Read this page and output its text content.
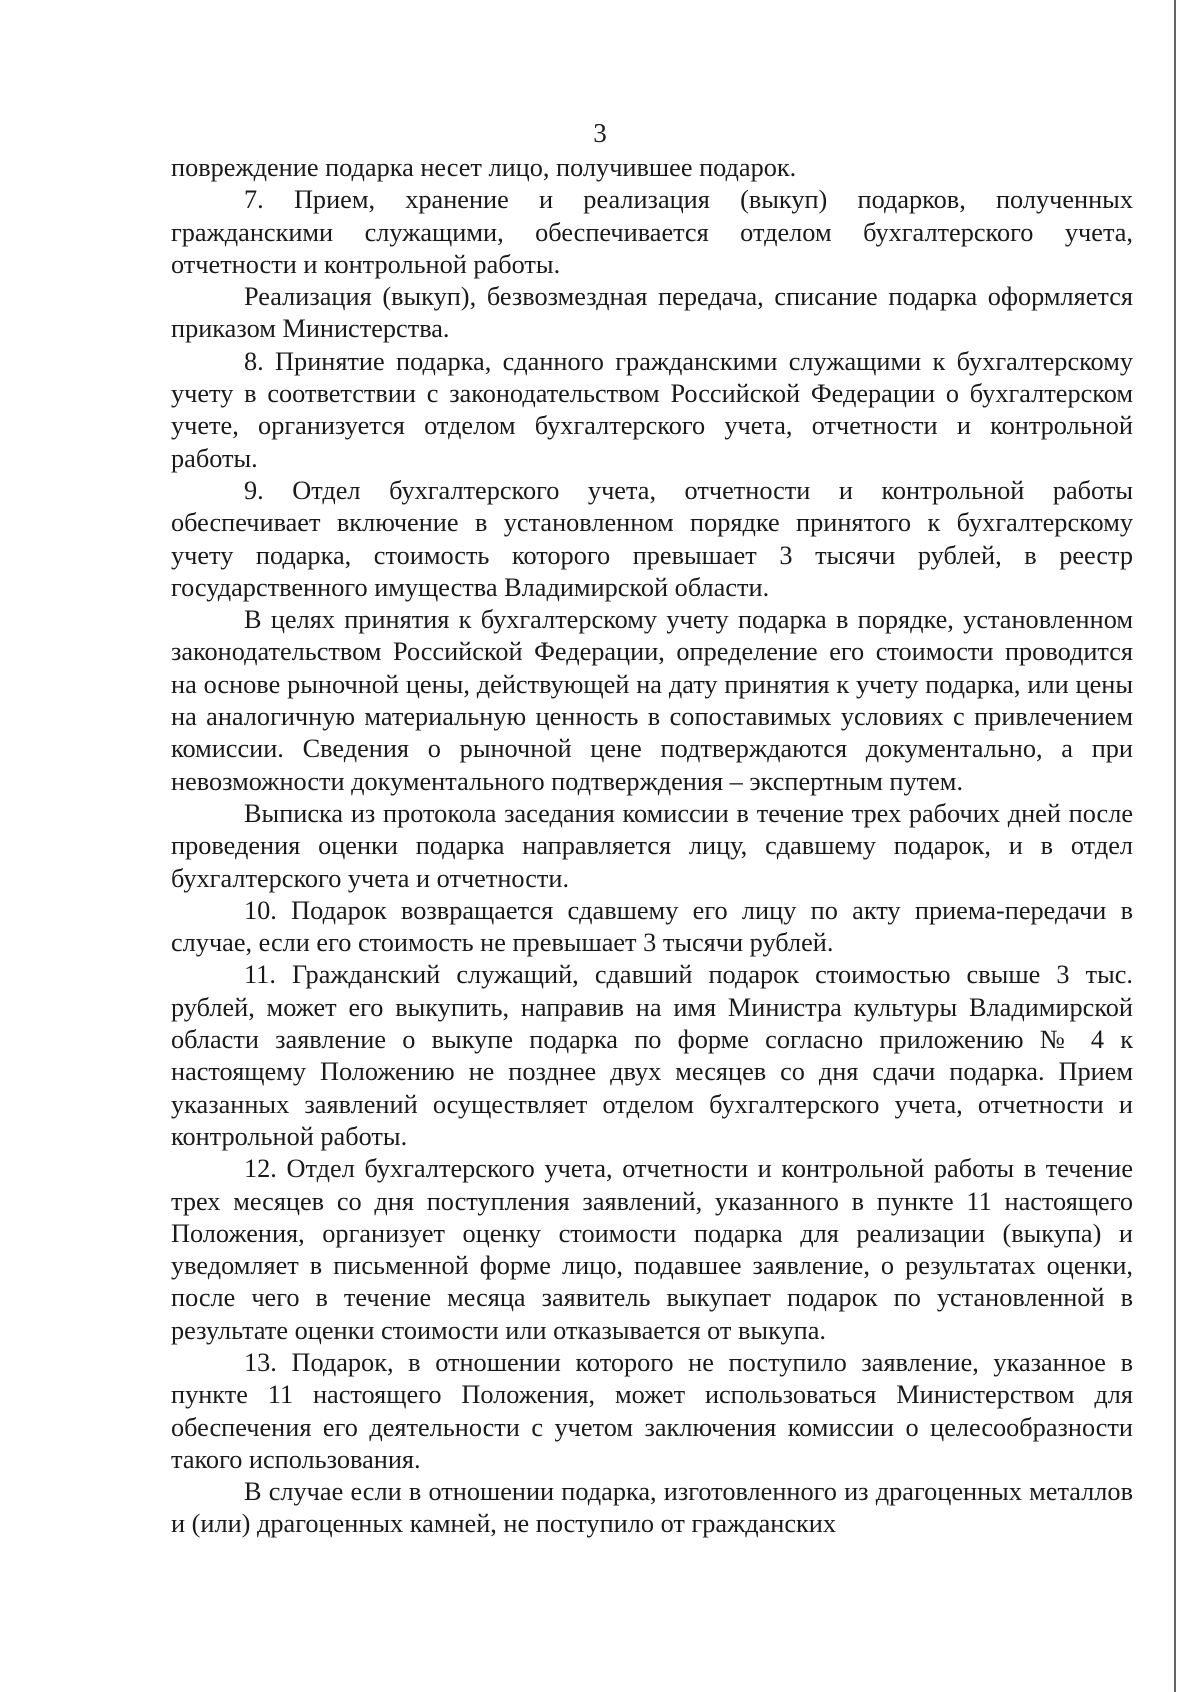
3

повреждение подарка несет лицо, получившее подарок.

7. Прием, хранение и реализация (выкуп) подарков, полученных гражданскими служащими, обеспечивается отделом бухгалтерского учета, отчетности и контрольной работы.

Реализация (выкуп), безвозмездная передача, списание подарка оформляется приказом Министерства.

8. Принятие подарка, сданного гражданскими служащими к бухгалтерскому учету в соответствии с законодательством Российской Федерации о бухгалтерском учете, организуется отделом бухгалтерского учета, отчетности и контрольной работы.

9. Отдел бухгалтерского учета, отчетности и контрольной работы обеспечивает включение в установленном порядке принятого к бухгалтерскому учету подарка, стоимость которого превышает 3 тысячи рублей, в реестр государственного имущества Владимирской области.

В целях принятия к бухгалтерскому учету подарка в порядке, установленном законодательством Российской Федерации, определение его стоимости проводится на основе рыночной цены, действующей на дату принятия к учету подарка, или цены на аналогичную материальную ценность в сопоставимых условиях с привлечением комиссии. Сведения о рыночной цене подтверждаются документально, а при невозможности документального подтверждения – экспертным путем.

Выписка из протокола заседания комиссии в течение трех рабочих дней после проведения оценки подарка направляется лицу, сдавшему подарок, и в отдел бухгалтерского учета и отчетности.

10. Подарок возвращается сдавшему его лицу по акту приема-передачи в случае, если его стоимость не превышает 3 тысячи рублей.

11. Гражданский служащий, сдавший подарок стоимостью свыше 3 тыс. рублей, может его выкупить, направив на имя Министра культуры Владимирской области заявление о выкупе подарка по форме согласно приложению № 4 к настоящему Положению не позднее двух месяцев со дня сдачи подарка. Прием указанных заявлений осуществляет отделом бухгалтерского учета, отчетности и контрольной работы.

12. Отдел бухгалтерского учета, отчетности и контрольной работы в течение трех месяцев со дня поступления заявлений, указанного в пункте 11 настоящего Положения, организует оценку стоимости подарка для реализации (выкупа) и уведомляет в письменной форме лицо, подавшее заявление, о результатах оценки, после чего в течение месяца заявитель выкупает подарок по установленной в результате оценки стоимости или отказывается от выкупа.

13. Подарок, в отношении которого не поступило заявление, указанное в пункте 11 настоящего Положения, может использоваться Министерством для обеспечения его деятельности с учетом заключения комиссии о целесообразности такого использования.

В случае если в отношении подарка, изготовленного из драгоценных металлов и (или) драгоценных камней, не поступило от гражданских
